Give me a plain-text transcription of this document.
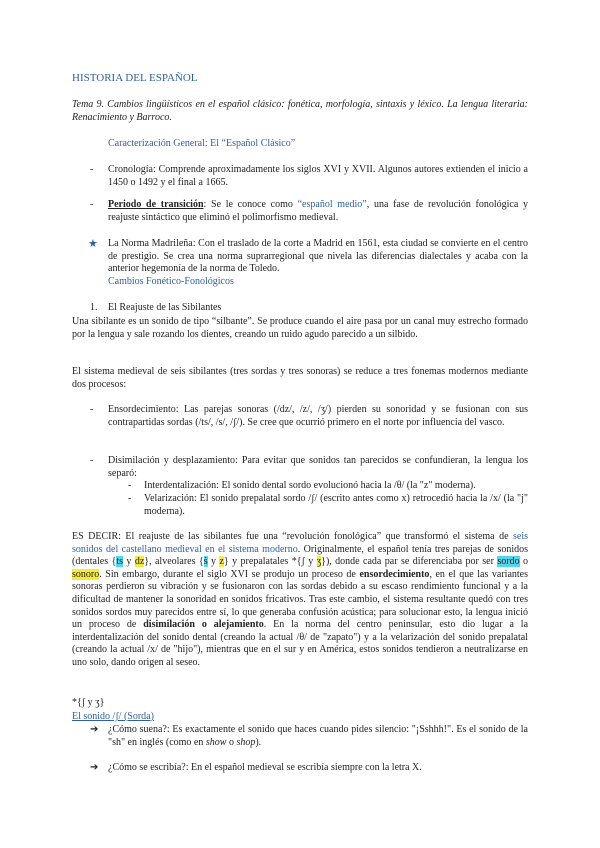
HISTORIA DEL ESPAÑOL
Tema 9. Cambios lingüísticos en el español clásico: fonética, morfología, sintaxis y léxico. La lengua literaria: Renacimiento y Barroco.
Caracterización General: El “Español Clásico”
- Cronología: Comprende aproximadamente los siglos XVI y XVII. Algunos autores extienden el inicio a 1450 o 1492 y el final a 1665.
- Periodo de transición: Se le conoce como “español medio”, una fase de revolución fonológica y reajuste sintáctico que eliminó el polimorfismo medieval.
★ La Norma Madrileña: Con el traslado de la corte a Madrid en 1561, esta ciudad se convierte en el centro de prestigio. Se crea una norma suprarregional que nivela las diferencias dialectales y acaba con la anterior hegemonía de la norma de Toledo.
Cambios Fonético-Fonológicos
1. El Reajuste de las Sibilantes
Una sibilante es un sonido de tipo “silbante”. Se produce cuando el aire pasa por un canal muy estrecho formado por la lengua y sale rozando los dientes, creando un ruido agudo parecido a un silbido.
El sistema medieval de seis sibilantes (tres sordas y tres sonoras) se reduce a tres fonemas modernos mediante dos procesos:
- Ensordecimiento: Las parejas sonoras (/dz/, /z/, /ʒ/) pierden su sonoridad y se fusionan con sus contrapartidas sordas (/ts/, /s/, /ʃ/). Se cree que ocurrió primero en el norte por influencia del vasco.
- Disimilación y desplazamiento: Para evitar que sonidos tan parecidos se confundieran, la lengua los separó:
- Interdentalización: El sonido dental sordo evolucionó hacia la /θ/ (la "z" moderna).
- Velarización: El sonido prepalatal sordo /ʃ/ (escrito antes como x) retrocedió hacia la /x/ (la "j" moderna).
ES DECIR: El reajuste de las sibilantes fue una “revolución fonológica” que transformó el sistema de seis sonidos del castellano medieval en el sistema moderno. Originalmente, el español tenía tres parejas de sonidos (dentales {ts y dz}, alveolares {ṡ y z} y prepalatales *{ʃ y ʒ}), donde cada par se diferenciaba por ser sordo o sonoro. Sin embargo, durante el siglo XVI se produjo un proceso de ensordecimiento, en el que las variantes sonoras perdieron su vibración y se fusionaron con las sordas debido a su escaso rendimiento funcional y a la dificultad de mantener la sonoridad en sonidos fricativos. Tras este cambio, el sistema resultante quedó con tres sonidos sordos muy parecidos entre sí, lo que generaba confusión acústica; para solucionar esto, la lengua inició un proceso de disimilación o alejamiento. En la norma del centro peninsular, esto dio lugar a la interdentalización del sonido dental (creando la actual /θ/ de "zapato") y a la velarización del sonido prepalatal (creando la actual /x/ de "hijo"), mientras que en el sur y en América, estos sonidos tendieron a neutralizarse en uno solo, dando origen al seseo.
*{ʃ y ʒ}
El sonido /ʃ/ (Sorda)
➔ ¿Cómo suena?: Es exactamente el sonido que haces cuando pides silencio: "¡Sshhh!". Es el sonido de la "sh" en inglés (como en show o shop).
➔ ¿Cómo se escribía?: En el español medieval se escribía siempre con la letra X.
